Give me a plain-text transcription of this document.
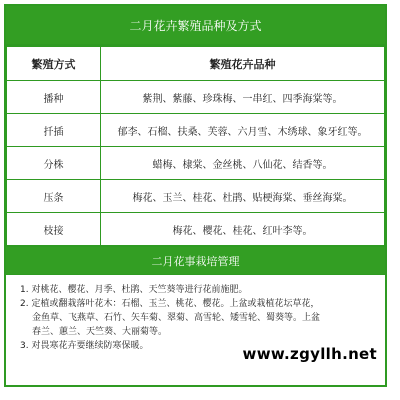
二月花卉繁殖品种及方式
繁殖方式	繁殖花卉品种
播种	紫荆、紫藤、珍珠梅、一串红、四季海棠等。
扦插	郁李、石榴、扶桑、芙蓉、六月雪、木绣球、象牙红等。
分株	蜡梅、棣棠、金丝桃、八仙花、结香等。
压条	梅花、玉兰、桂花、杜鹃、贴梗海棠、垂丝海棠。
枝接	梅花、樱花、桂花、红叶李等。
二月花事栽培管理

1. 对桃花、樱花、月季、杜鹃、天竺葵等进行花前施肥。

2. 定植或翻栽落叶花木：石榴、玉兰、桃花、樱花。上盆或栽植花坛草花，

金鱼草、飞燕草、石竹、矢车菊、翠菊、高雪轮、矮雪轮、蜀葵等。上盆

春兰、蕙兰、天竺葵、大丽菊等。

3. 对畏寒花卉要继续防寒保暖。	www.zgyllh.net
